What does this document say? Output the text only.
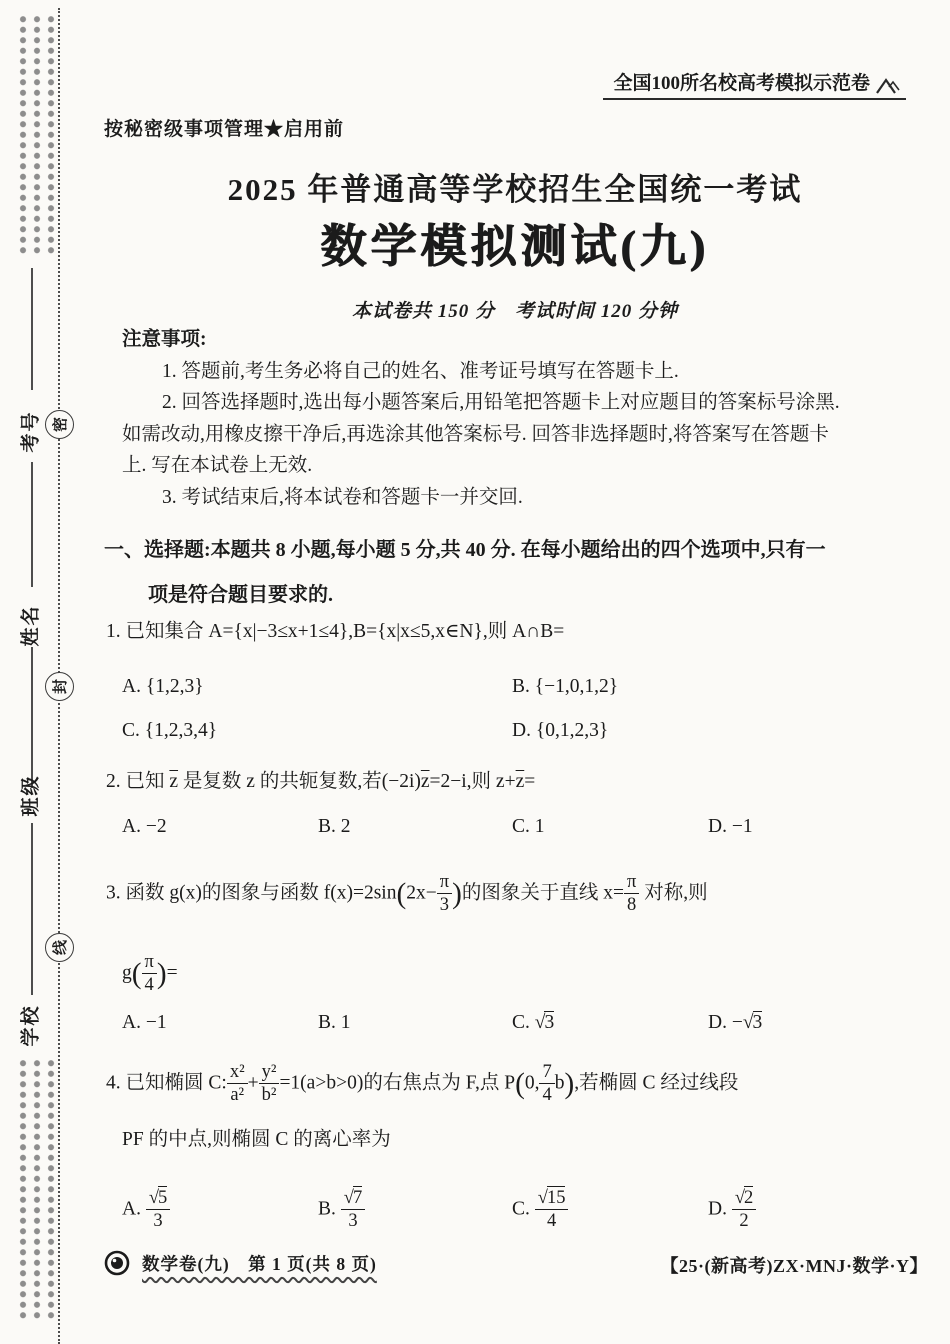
考号
姓名
班级
学校
密
封
线
全国100所名校高考模拟示范卷
按秘密级事项管理★启用前
2025 年普通高等学校招生全国统一考试
数学模拟测试(九)
本试卷共 150 分　考试时间 120 分钟
注意事项:
1. 答题前,考生务必将自己的姓名、准考证号填写在答题卡上.
2. 回答选择题时,选出每小题答案后,用铅笔把答题卡上对应题目的答案标号涂黑.
如需改动,用橡皮擦干净后,再选涂其他答案标号. 回答非选择题时,将答案写在答题卡
上. 写在本试卷上无效.
3. 考试结束后,将本试卷和答题卡一并交回.
一、选择题:本题共 8 小题,每小题 5 分,共 40 分. 在每小题给出的四个选项中,只有一
项是符合题目要求的.
1. 已知集合 A={x|−3≤x+1≤4},B={x|x≤5,x∈N},则 A∩B=
A. {1,2,3}	B. {−1,0,1,2}
C. {1,2,3,4}	D. {0,1,2,3}
2. 已知 $\overline{z}$ 是复数 z 的共轭复数,若$(-2i)\overline{z}=2-i$,则 $z+\overline{z}=$
A. −2	B. 2	C. 1	D. −1
3. 函数 g(x)的图象与函数 $f(x)=2\sin(2x- \frac{\pi}{3}$ )的图象关于直线 $x= \frac{\pi}{8}$ 对称,则
$g( \frac{\pi}{4}$ )=
A. −1	B. 1	C. √3	D. −√3
4. 已知椭圆 C: $\frac{\text{x²}}{\text{a²}} + \frac{\text{y²}}{\text{b²}} =1(a>b>0)$的右焦点为 F,点 P(0, $\frac{7}{4} b$),若椭圆 C 经过线段
PF 的中点,则椭圆 C 的离心率为
A. $\frac{√5}{3}$	B. $\frac{√7}{3}$	C. $\frac{√15}{4}$	D. $\frac{√2}{2}$
数学卷(九)　第 1 页(共 8 页)	【25·(新高考)ZX·MNJ·数学·Y】
